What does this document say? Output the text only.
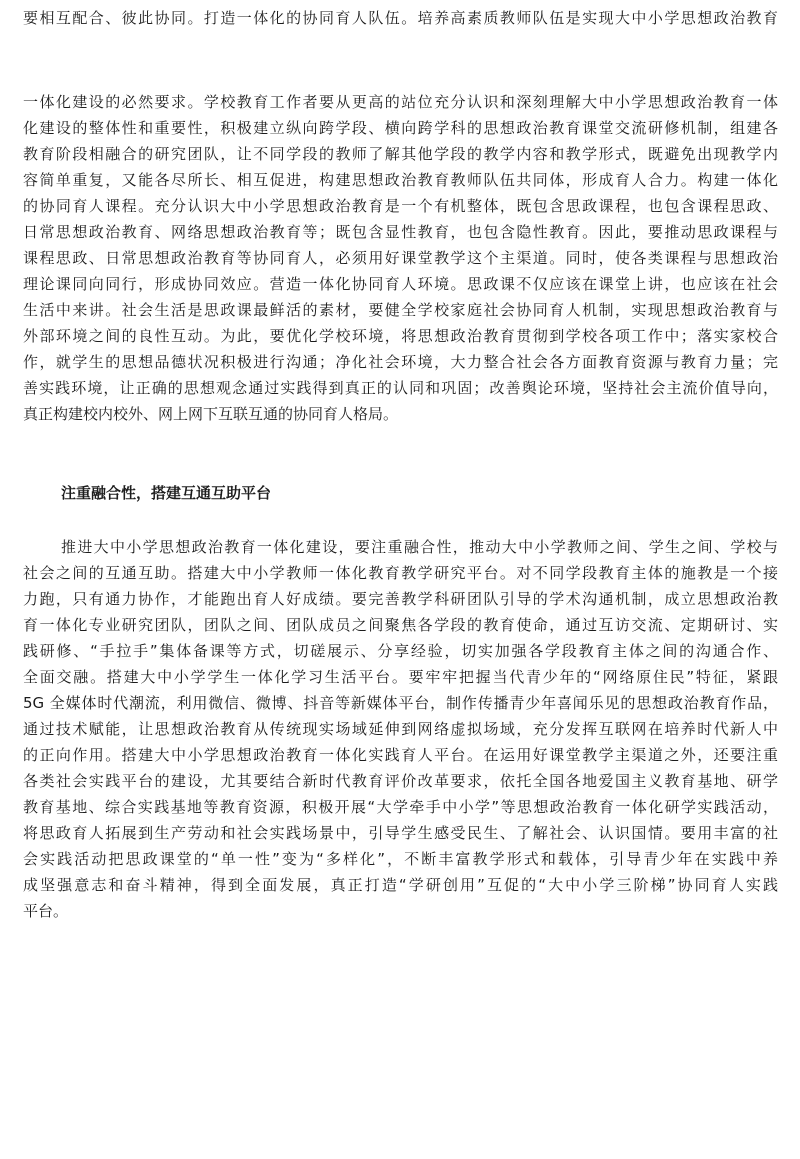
要相互配合、彼此协同。打造一体化的协同育人队伍。培养高素质教师队伍是实现大中小学思想政治教育
一体化建设的必然要求。学校教育工作者要从更高的站位充分认识和深刻理解大中小学思想政治教育一体
化建设的整体性和重要性，积极建立纵向跨学段、横向跨学科的思想政治教育课堂交流研修机制，组建各
教育阶段相融合的研究团队，让不同学段的教师了解其他学段的教学内容和教学形式，既避免出现教学内
容简单重复，又能各尽所长、相互促进，构建思想政治教育教师队伍共同体，形成育人合力。构建一体化
的协同育人课程。充分认识大中小学思想政治教育是一个有机整体，既包含思政课程，也包含课程思政、
日常思想政治教育、网络思想政治教育等；既包含显性教育，也包含隐性教育。因此，要推动思政课程与
课程思政、日常思想政治教育等协同育人，必须用好课堂教学这个主渠道。同时，使各类课程与思想政治
理论课同向同行，形成协同效应。营造一体化协同育人环境。思政课不仅应该在课堂上讲，也应该在社会
生活中来讲。社会生活是思政课最鲜活的素材，要健全学校家庭社会协同育人机制，实现思想政治教育与
外部环境之间的良性互动。为此，要优化学校环境，将思想政治教育贯彻到学校各项工作中；落实家校合
作，就学生的思想品德状况积极进行沟通；净化社会环境，大力整合社会各方面教育资源与教育力量；完
善实践环境，让正确的思想观念通过实践得到真正的认同和巩固；改善舆论环境，坚持社会主流价值导向，
真正构建校内校外、网上网下互联互通的协同育人格局。
注重融合性，搭建互通互助平台
推进大中小学思想政治教育一体化建设，要注重融合性，推动大中小学教师之间、学生之间、学校与
社会之间的互通互助。搭建大中小学教师一体化教育教学研究平台。对不同学段教育主体的施教是一个接
力跑，只有通力协作，才能跑出育人好成绩。要完善教学科研团队引导的学术沟通机制，成立思想政治教
育一体化专业研究团队，团队之间、团队成员之间聚焦各学段的教育使命，通过互访交流、定期研讨、实
践研修、“手拉手”集体备课等方式，切磋展示、分享经验，切实加强各学段教育主体之间的沟通合作、
全面交融。搭建大中小学学生一体化学习生活平台。要牢牢把握当代青少年的“网络原住民”特征，紧跟
5G 全媒体时代潮流，利用微信、微博、抖音等新媒体平台，制作传播青少年喜闻乐见的思想政治教育作品，
通过技术赋能，让思想政治教育从传统现实场域延伸到网络虚拟场域，充分发挥互联网在培养时代新人中
的正向作用。搭建大中小学思想政治教育一体化实践育人平台。在运用好课堂教学主渠道之外，还要注重
各类社会实践平台的建设，尤其要结合新时代教育评价改革要求，依托全国各地爱国主义教育基地、研学
教育基地、综合实践基地等教育资源，积极开展“大学牵手中小学”等思想政治教育一体化研学实践活动，
将思政育人拓展到生产劳动和社会实践场景中，引导学生感受民生、了解社会、认识国情。要用丰富的社
会实践活动把思政课堂的“单一性”变为“多样化”，不断丰富教学形式和载体，引导青少年在实践中养
成坚强意志和奋斗精神，得到全面发展，真正打造“学研创用”互促的“大中小学三阶梯”协同育人实践
平台。
